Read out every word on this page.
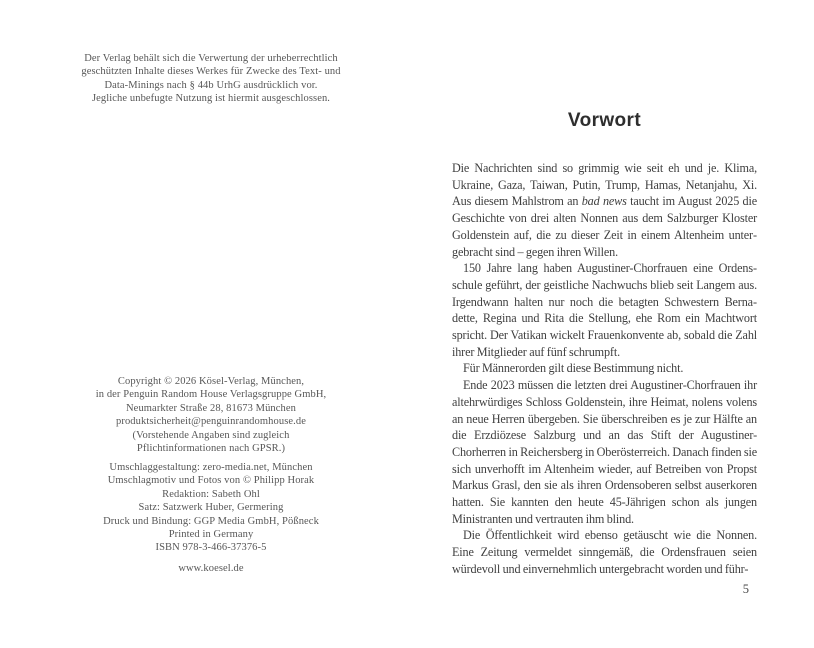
Der Verlag behält sich die Verwertung der urheberrechtlich
geschützten Inhalte dieses Werkes für Zwecke des Text- und
Data-Minings nach § 44b UrhG ausdrücklich vor.
Jegliche unbefugte Nutzung ist hiermit ausgeschlossen.
Copyright © 2026 Kösel-Verlag, München,
in der Penguin Random House Verlagsgruppe GmbH,
Neumarkter Straße 28, 81673 München
produktsicherheit@penguinrandomhouse.de
(Vorstehende Angaben sind zugleich
Pflichtinformationen nach GPSR.)
Umschlaggestaltung: zero-media.net, München
Umschlagmotiv und Fotos von © Philipp Horak
Redaktion: Sabeth Ohl
Satz: Satzwerk Huber, Germering
Druck und Bindung: GGP Media GmbH, Pößneck
Printed in Germany
ISBN 978-3-466-37376-5
www.koesel.de
Vorwort

Die Nachrichten sind so grimmig wie seit eh und je. Klima, Ukraine, Gaza, Taiwan, Putin, Trump, Hamas, Netanjahu, Xi. Aus diesem Mahlstrom an bad news taucht im August 2025 die Geschichte von drei alten Nonnen aus dem Salzburger Kloster Goldenstein auf, die zu dieser Zeit in einem Altenheim untergebracht sind – gegen ihren Willen.

150 Jahre lang haben Augustiner-Chorfrauen eine Ordensschule geführt, der geistliche Nachwuchs blieb seit Langem aus. Irgendwann halten nur noch die betagten Schwestern Bernadette, Regina und Rita die Stellung, ehe Rom ein Machtwort spricht. Der Vatikan wickelt Frauenkonvente ab, sobald die Zahl ihrer Mitglieder auf fünf schrumpft.

Für Männerorden gilt diese Bestimmung nicht.

Ende 2023 müssen die letzten drei Augustiner-Chorfrauen ihr altehrwürdiges Schloss Goldenstein, ihre Heimat, nolens volens an neue Herren übergeben. Sie überschreiben es je zur Hälfte an die Erzdiözese Salzburg und an das Stift der Augustiner-Chorherren in Reichersberg in Oberösterreich. Danach finden sie sich unverhofft im Altenheim wieder, auf Betreiben von Propst Markus Grasl, den sie als ihren Ordensoberen selbst auserkoren hatten. Sie kannten den heute 45-Jährigen schon als jungen Ministranten und vertrauten ihm blind.

Die Öffentlichkeit wird ebenso getäuscht wie die Nonnen. Eine Zeitung vermeldet sinngemäß, die Ordensfrauen seien würdevoll und einvernehmlich untergebracht worden und führ-

5
